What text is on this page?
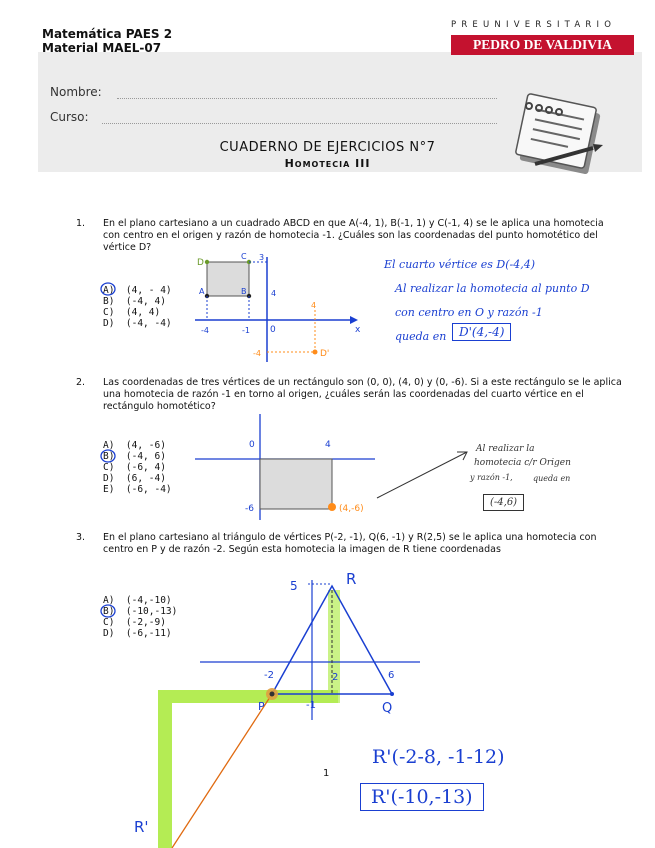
Matemática PAES 2
Material MAEL-07
PREUNIVERSITARIO
PEDRO DE VALDIVIA
Nombre:
Curso:
CUADERNO DE EJERCICIOS N°7
Homotecia III
1. En el plano cartesiano a un cuadrado ABCD en que A(-4, 1), B(-1, 1) y C(-1, 4) se le aplica una homotecia con centro en el origen y razón de homotecia -1. ¿Cuáles son las coordenadas del punto homotético del vértice D?
A)  (4, - 4)
B)  (-4, 4)
C)  (4, 4)
D)  (-4, -4)
D
C
A	B
3
4
-4	-1 0	x
4
-4	D'
El cuarto vértice es D(-4,4)
Al realizar la homotecia al punto D
con centro en O y razón -1
queda en	D'(4,-4)
2. Las coordenadas de tres vértices de un rectángulo son (0, 0), (4, 0) y (0, -6). Si a este rectángulo se le aplica una homotecia de razón -1 en torno al origen, ¿cuáles serán las coordenadas del cuarto vértice en el rectángulo homotético?
A)  (4, -6)
B)  (-4, 6)
C)  (-6, 4)
D)  (6, -4)
E)  (-6, -4)
0	4
-6	(4,-6)
Al realizar la
homotecia c/r Origen
y razón -1,	queda en
(-4,6)
3. En el plano cartesiano al triángulo de vértices P(-2, -1), Q(6, -1) y R(2,5) se le aplica una homotecia con centro en P y de razón -2. Según esta homotecia la imagen de R tiene coordenadas
A)  (-4,-10)
B)  (-10,-13)
C)  (-2,-9)
D)  (-6,-11)
5	R
-2	2	6
-1
P	Q
R'
R'(-2-8, -1-12)
R'(-10,-13)
1
